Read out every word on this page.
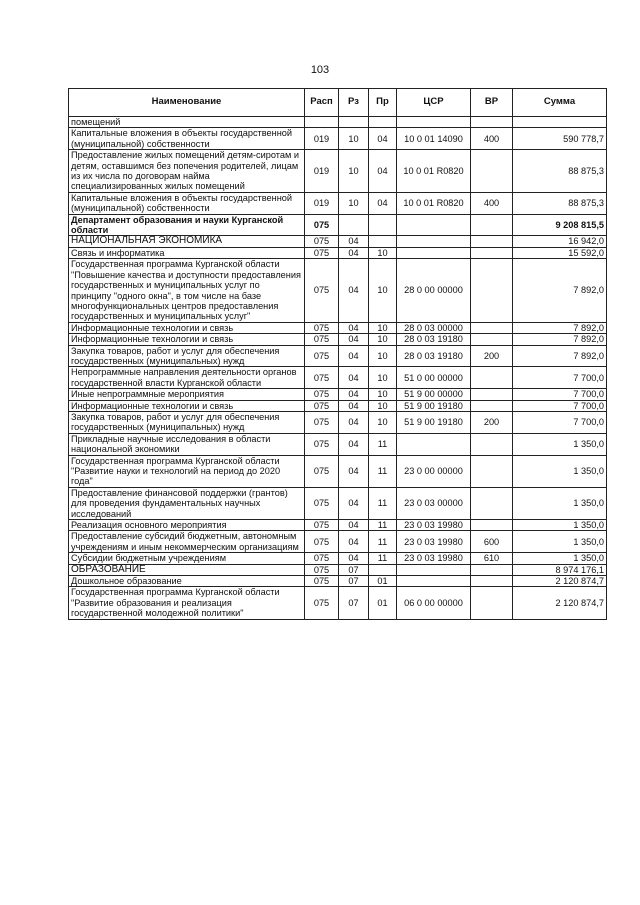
103
Наименование	Расп	Рз	Пр	ЦСР	ВР	Сумма
помещений						
Капитальные вложения в объекты государственной (муниципальной) собственности	019	10	04	10 0 01 14090	400	590 778,7
Предоставление жилых помещений детям-сиротам и детям, оставшимся без попечения родителей, лицам из их числа по договорам найма специализированных жилых помещений	019	10	04	10 0 01 R0820		88 875,3
Капитальные вложения в объекты государственной (муниципальной) собственности	019	10	04	10 0 01 R0820	400	88 875,3
Департамент образования и науки Курганской области	075					9 208 815,5
НАЦИОНАЛЬНАЯ ЭКОНОМИКА	075	04				16 942,0
Связь и информатика	075	04	10			15 592,0
Государственная программа Курганской области "Повышение качества и доступности предоставления государственных и муниципальных услуг по принципу "одного окна", в том числе на базе многофункциональных центров предоставления государственных и муниципальных услуг"	075	04	10	28 0 00 00000		7 892,0
Информационные технологии и связь	075	04	10	28 0 03 00000		7 892,0
Информационные технологии и связь	075	04	10	28 0 03 19180		7 892,0
Закупка товаров, работ и услуг для обеспечения государственных (муниципальных) нужд	075	04	10	28 0 03 19180	200	7 892,0
Непрограммные направления деятельности органов государственной власти Курганской области	075	04	10	51 0 00 00000		7 700,0
Иные непрограммные мероприятия	075	04	10	51 9 00 00000		7 700,0
Информационные технологии и связь	075	04	10	51 9 00 19180		7 700,0
Закупка товаров, работ и услуг для обеспечения государственных (муниципальных) нужд	075	04	10	51 9 00 19180	200	7 700,0
Прикладные научные исследования в области национальной экономики	075	04	11			1 350,0
Государственная программа Курганской области "Развитие науки и технологий на период до 2020 года"	075	04	11	23 0 00 00000		1 350,0
Предоставление финансовой поддержки (грантов) для проведения фундаментальных научных исследований	075	04	11	23 0 03 00000		1 350,0
Реализация основного мероприятия	075	04	11	23 0 03 19980		1 350,0
Предоставление субсидий бюджетным, автономным учреждениям и иным некоммерческим организациям	075	04	11	23 0 03 19980	600	1 350,0
Субсидии бюджетным учреждениям	075	04	11	23 0 03 19980	610	1 350,0
ОБРАЗОВАНИЕ	075	07				8 974 176,1
Дошкольное образование	075	07	01			2 120 874,7
Государственная программа Курганской области "Развитие образования и реализация государственной молодежной политики"	075	07	01	06 0 00 00000		2 120 874,7
